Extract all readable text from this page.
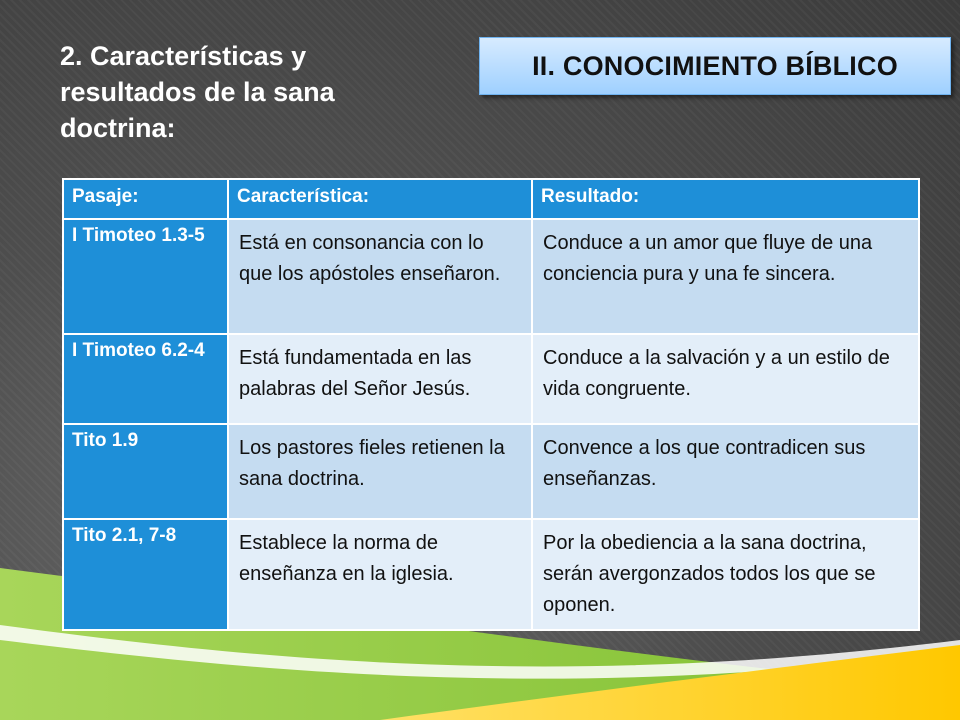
2. Características y resultados de la sana doctrina:
II. CONOCIMIENTO BÍBLICO
Pasaje:	Característica:	Resultado:
I Timoteo 1.3-5	Está en consonancia con lo que los apóstoles enseñaron.	Conduce a un amor que fluye de una conciencia pura y una fe sincera.
I Timoteo 6.2-4	Está fundamentada en las palabras del Señor Jesús.	Conduce a la salvación y a un estilo de vida congruente.
Tito 1.9	Los pastores fieles retienen la sana doctrina.	Convence a los que contradicen sus enseñanzas.
Tito 2.1, 7-8	Establece la norma de enseñanza en la iglesia.	Por la obediencia a la sana doctrina, serán avergonzados todos los que se oponen.
